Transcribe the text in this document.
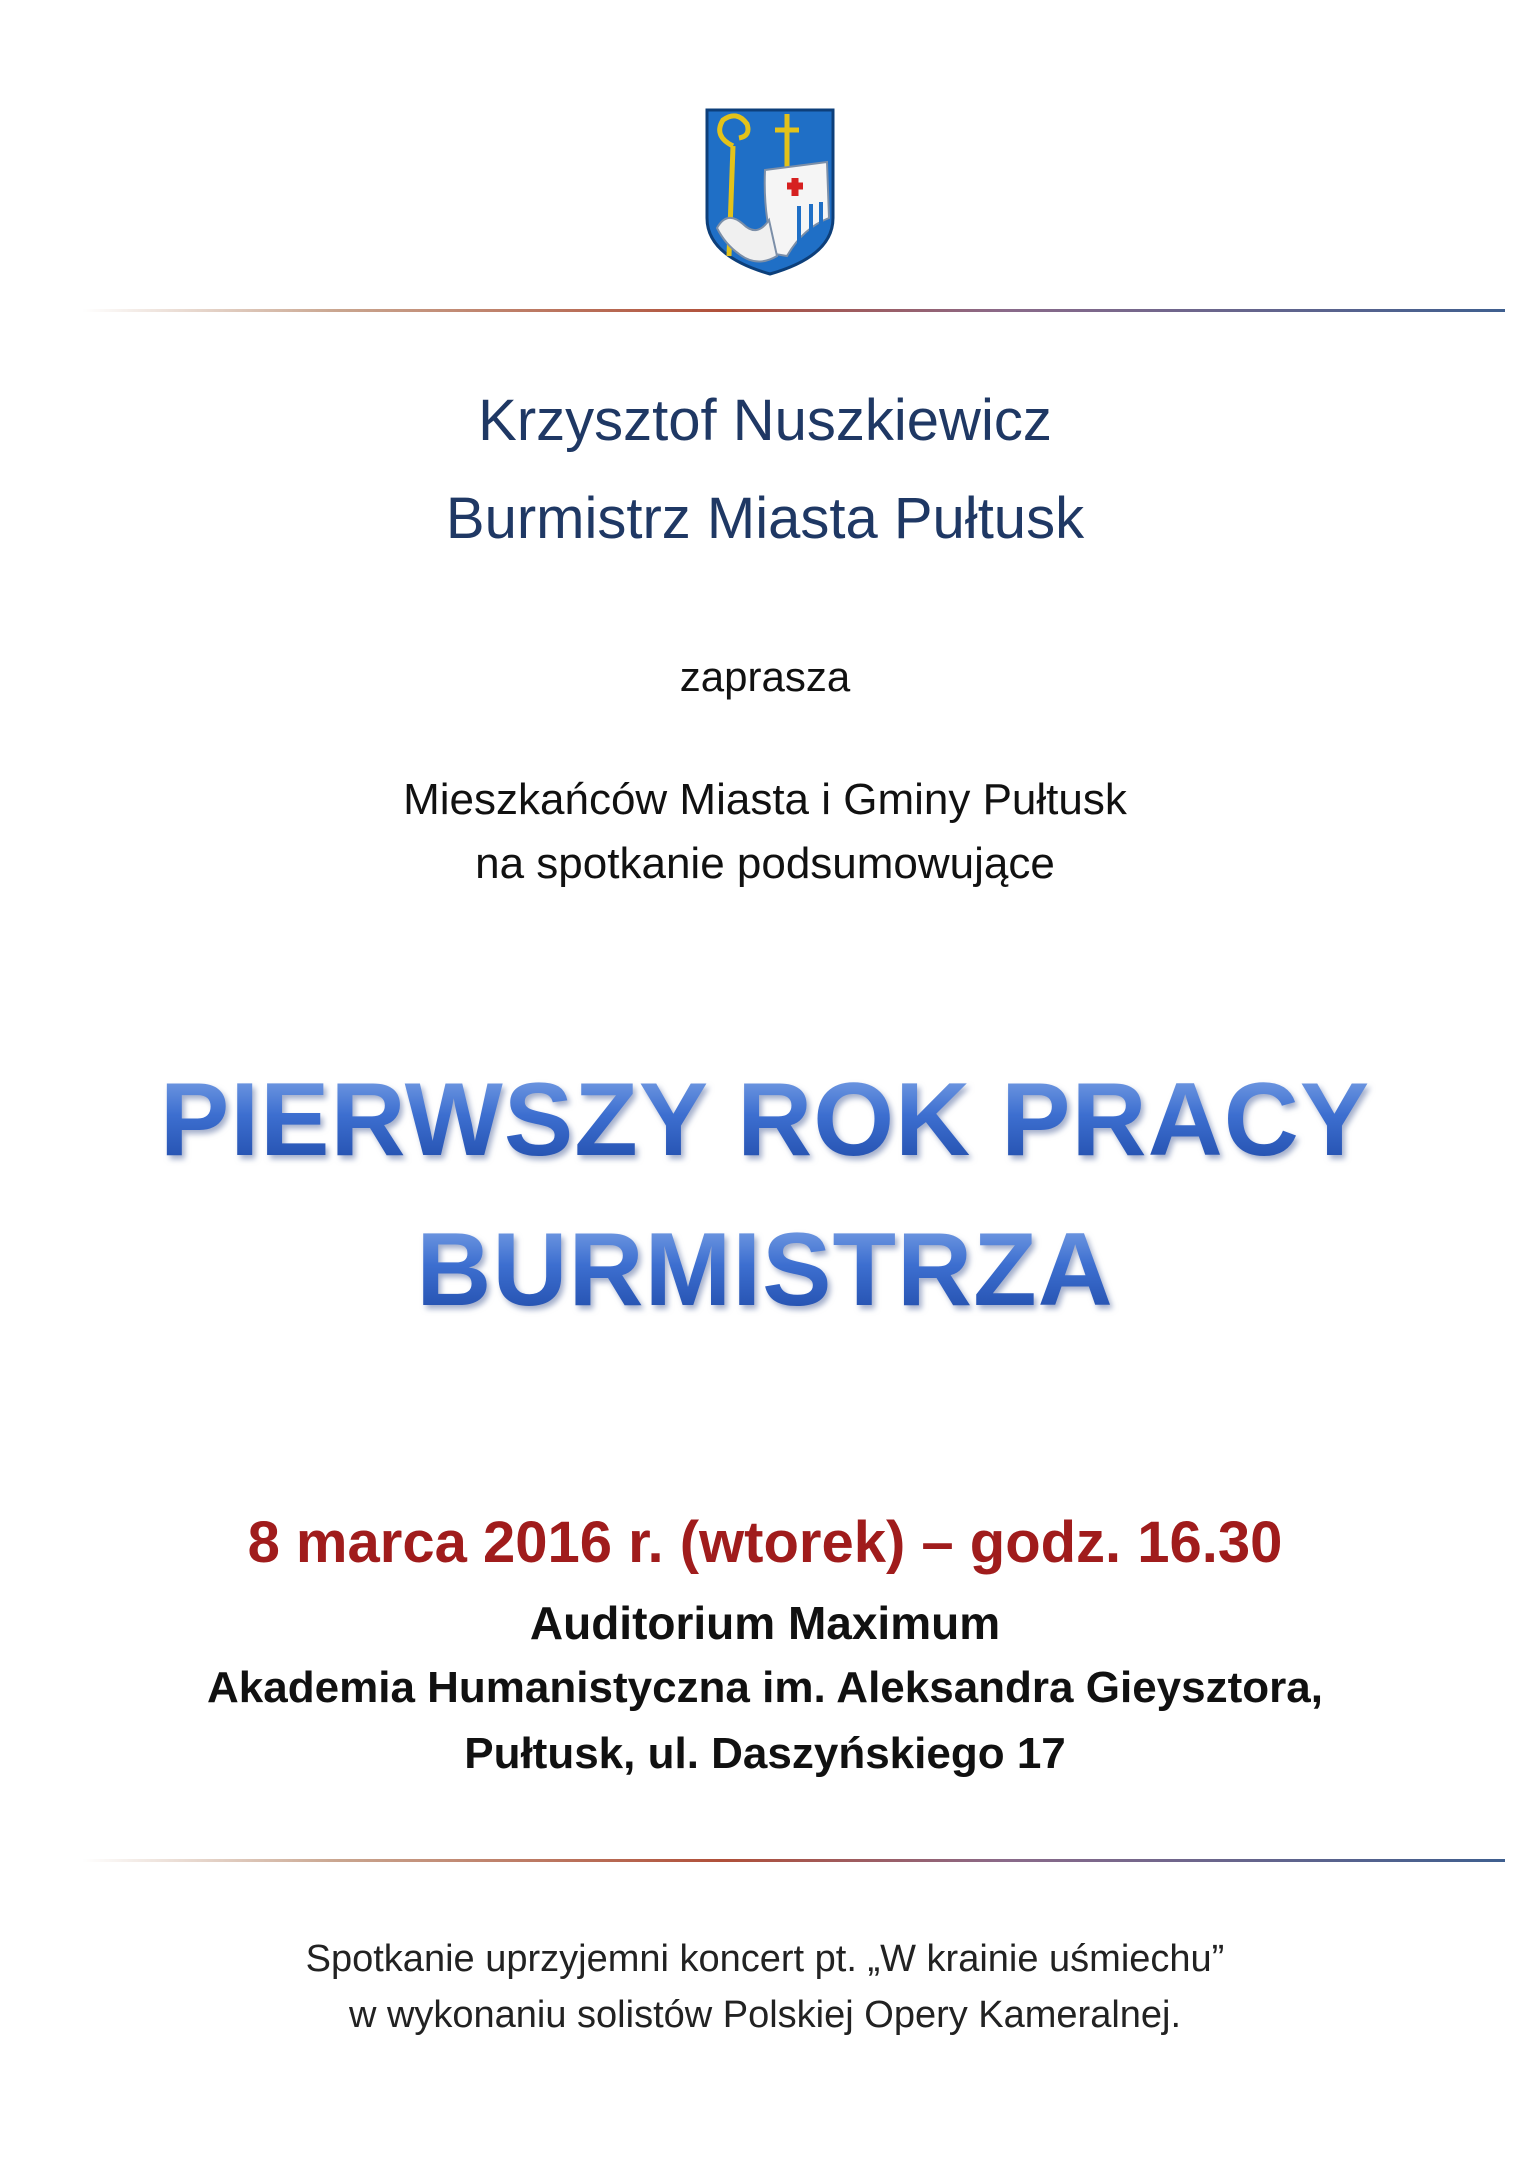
Krzysztof Nuszkiewicz
Burmistrz Miasta Pułtusk
zaprasza
Mieszkańców Miasta i Gminy Pułtusk
na spotkanie podsumowujące
PIERWSZY ROK PRACY
BURMISTRZA
8 marca 2016 r. (wtorek) – godz. 16.30
Auditorium Maximum
Akademia Humanistyczna im. Aleksandra Gieysztora,
Pułtusk, ul. Daszyńskiego 17
Spotkanie uprzyjemni koncert pt. „W krainie uśmiechu”
w wykonaniu solistów Polskiej Opery Kameralnej.
